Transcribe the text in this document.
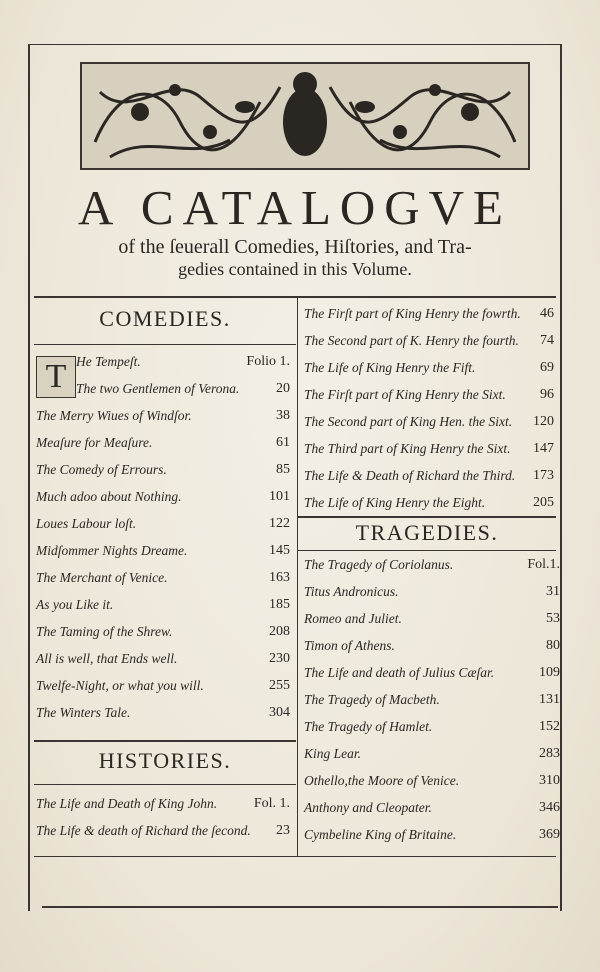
A CATALOGVE
of the ſeuerall Comedies, Hiſtories, and Tra-
gedies contained in this Volume.
COMEDIES.
T He Tempeſt.	Folio 1.
The two Gentlemen of Verona.	20
The Merry Wiues of Windſor.	38
Meaſure for Meaſure.	61
The Comedy of Errours.	85
Much adoo about Nothing.	101
Loues Labour loſt.	122
Midſommer Nights Dreame.	145
The Merchant of Venice.	163
As you Like it.	185
The Taming of the Shrew.	208
All is well, that Ends well.	230
Twelfe-Night, or what you will.	255
The Winters Tale.	304
HISTORIES.
The Life and Death of King John.	Fol. 1.
The Life & death of Richard the ſecond. 23
The Firſt part of King Henry the fowrth. 46
The Second part of K. Henry the fourth. 74
The Life of King Henry the Fift.	69
The Firſt part of King Henry the Sixt. 96
The Second part of King Hen. the Sixt. 120
The Third part of King Henry the Sixt. 147
The Life & Death of Richard the Third. 173
The Life of King Henry the Eight.	205
TRAGEDIES.
The Tragedy of Coriolanus.	Fol.1.
Titus Andronicus.	31
Romeo and Juliet.	53
Timon of Athens.	80
The Life and death of Julius Cæſar.	109
The Tragedy of Macbeth.	131
The Tragedy of Hamlet.	152
King Lear.	283
Othello,the Moore of Venice.	310
Anthony and Cleopater.	346
Cymbeline King of Britaine.	369
